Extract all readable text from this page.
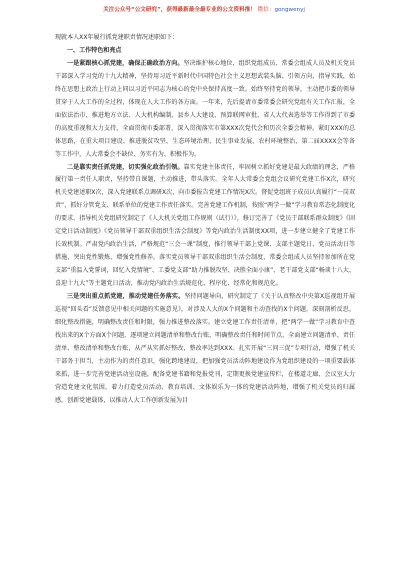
关注公众号“公文研究”，获得最新最全最专业的公文资料推！ 微信：gongwenyj

现就本人XX年履行抓党建职责情况述职如下：

一、工作特色和亮点

一是紧跟核心抓党建，确保正确政治方向。坚决维护核心地位，组织党组成员、常委会组成人员及机关党员干部深入学习党的十九大精神，坚持用习近平新时代中国特色社会主义思想武装头脑、引领方向、指导实践，始终在思想上政治上行动上同以习近平同志为核心的党中央保持高度一致。始终坚持党的领导，主动把市委的领导贯穿于人大工作的全过程，体现在人大工作的各方面。一年来，先后提请市委常委会研究党组有关工作汇报，全面依法治市、推进地方立法、人大机构编制、县乡人大建设、预算联网审批、省人大代表选举等工作得到了市委的高度重视和大力支持，全面贯彻市委部署，深入贯彻落实市第XXX次党代会和历次全委会精神。紧盯XXX的总体思路，在重大项目建设、推进脱贫攻坚、生态环境治理、民生事业发展、农村环境整治、第二届XXXX会等备等工作中，人大常委会不缺位、务实有为、积极作为。

二是靠实责任抓党建，切实强化政治引领。靠实党建主体责任，牢固树立抓好党建是最大政绩的理念，严格履行第一责任人职责，坚持带自课题，主动推进，带头落实。全年人大常委会党组会议研究党建工作X次，研究机关党建述职X次，深入党建联系点调研X次，向市委报告党建工作情况X次。督促党组班子成员认真履行“一岗双责”，抓好分管党支、联系单位的党建工作责任落实。完善党建工作机制，按照“两学一做”学习教育常态化制度化的要求，指导机关党组研究制定了《人大机关党组工作规则（试行）》，修订完善了《党员干部联系群众制度》《固定党日活动制度》《党员领导干部双重组织生活会制度》等党内政治生活制度XX项，进一步建立健全了党建工作长效机制。严肃党内政治生活，严格规范“三会一课”制度，推行领导干部上党课、支部主题党日、党员活动日等措施，突出党性锻炼，增强党性修养。落实党员领导干部双重组织生活会制度，常委会组成人员坚持参加所在党支部“重温入党誓词，回忆入党情境”、工委党支部“助力推脱攻坚、决胜全面小康”、老干部党支部“畅谈十八大、喜迎十九大”等主题党日活动，推动党内政治生活规范化、程序化、经常化和规范化。

三是突出重点抓党建，推动党建任务落实。坚持问题导向，研究制定了《关于认真整改中央第X巡视组开展巡视“回头看”反馈意见中相关问题的实施意见》，对涉及人大的X个问题和主动查找的X个问题，深刻剖析反思，细化整改措施，明确整改责任和时限，强力推进整改落实。建立党建工作责任清单，把“两学一做”学习教育中查找出来的X个方面X个问题，逐项建立问题清单和整改台账，明确整改责任和时间节点，全面建立问题清单、责任清单、整改清单和整改台账，从严从实抓好整改，整改率达到XXX。扎实开展“三问三促”专项行动，增强了机关干部务于担当，主动作为的责任意识，强化跨地建设，把加强党员活动阵地建设作为党组织建设的一项重要载体来抓，进一步完善党建活动室设施，配备党建书籍和党报党刊，定期更换党建宣传栏，在楼道走廊、会议室大力营造党建文化氛围，着力打造党员活动、教育培训、文体娱乐为一体的党建活动阵地，增强了机关党员的归属感，创新党建载体，以推动人大工作创新发展为目
